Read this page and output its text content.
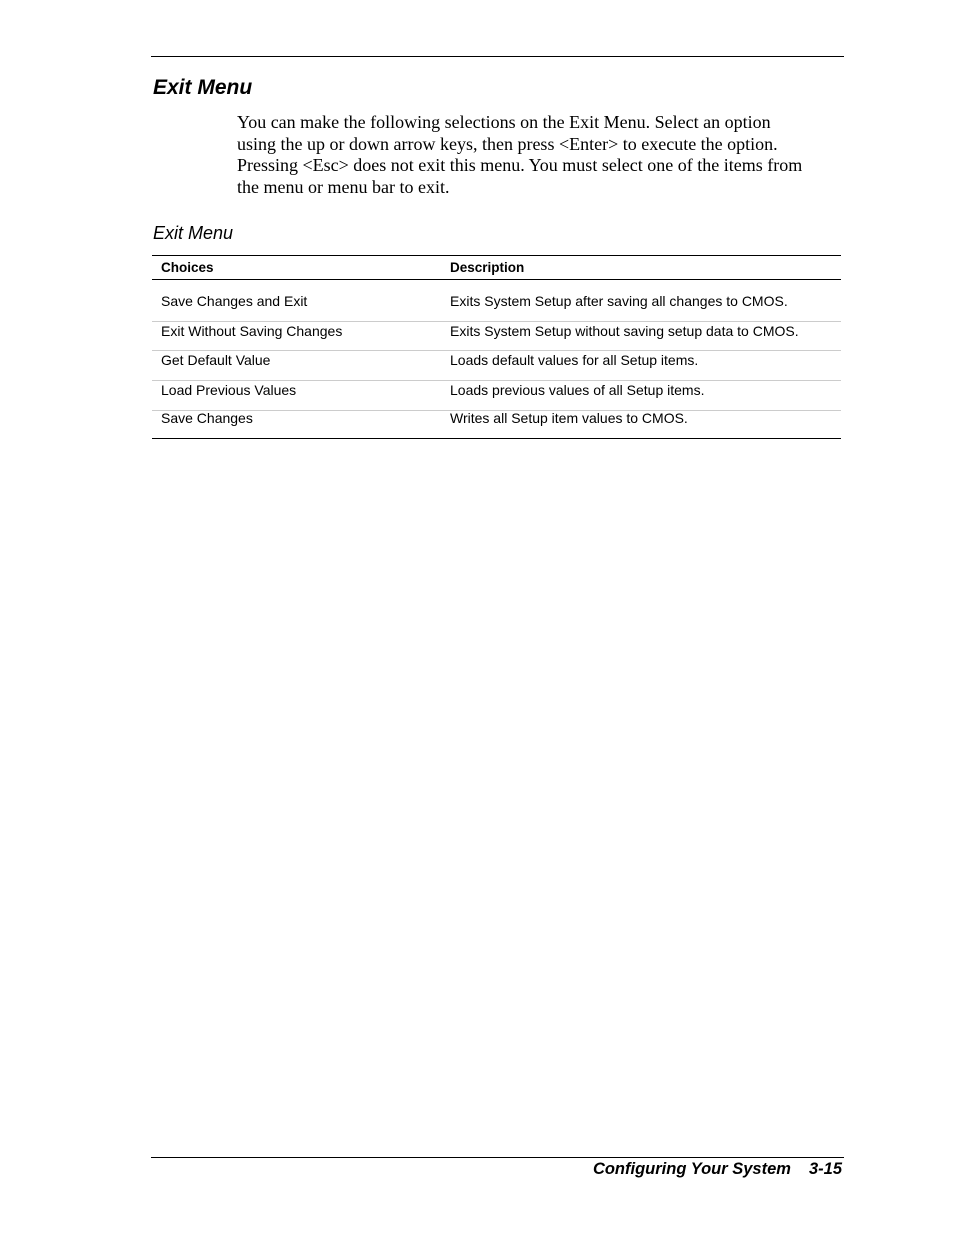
Exit Menu

You can make the following selections on the Exit Menu. Select an option
using the up or down arrow keys, then press <Enter> to execute the option.
Pressing <Esc> does not exit this menu. You must select one of the items from
the menu or menu bar to exit.

Exit Menu

Choices	Description
Save Changes and Exit	Exits System Setup after saving all changes to CMOS.
Exit Without Saving Changes	Exits System Setup without saving setup data to CMOS.
Get Default Value	Loads default values for all Setup items.
Load Previous Values	Loads previous values of all Setup items.
Save Changes	Writes all Setup item values to CMOS.
Configuring Your System 3-15
